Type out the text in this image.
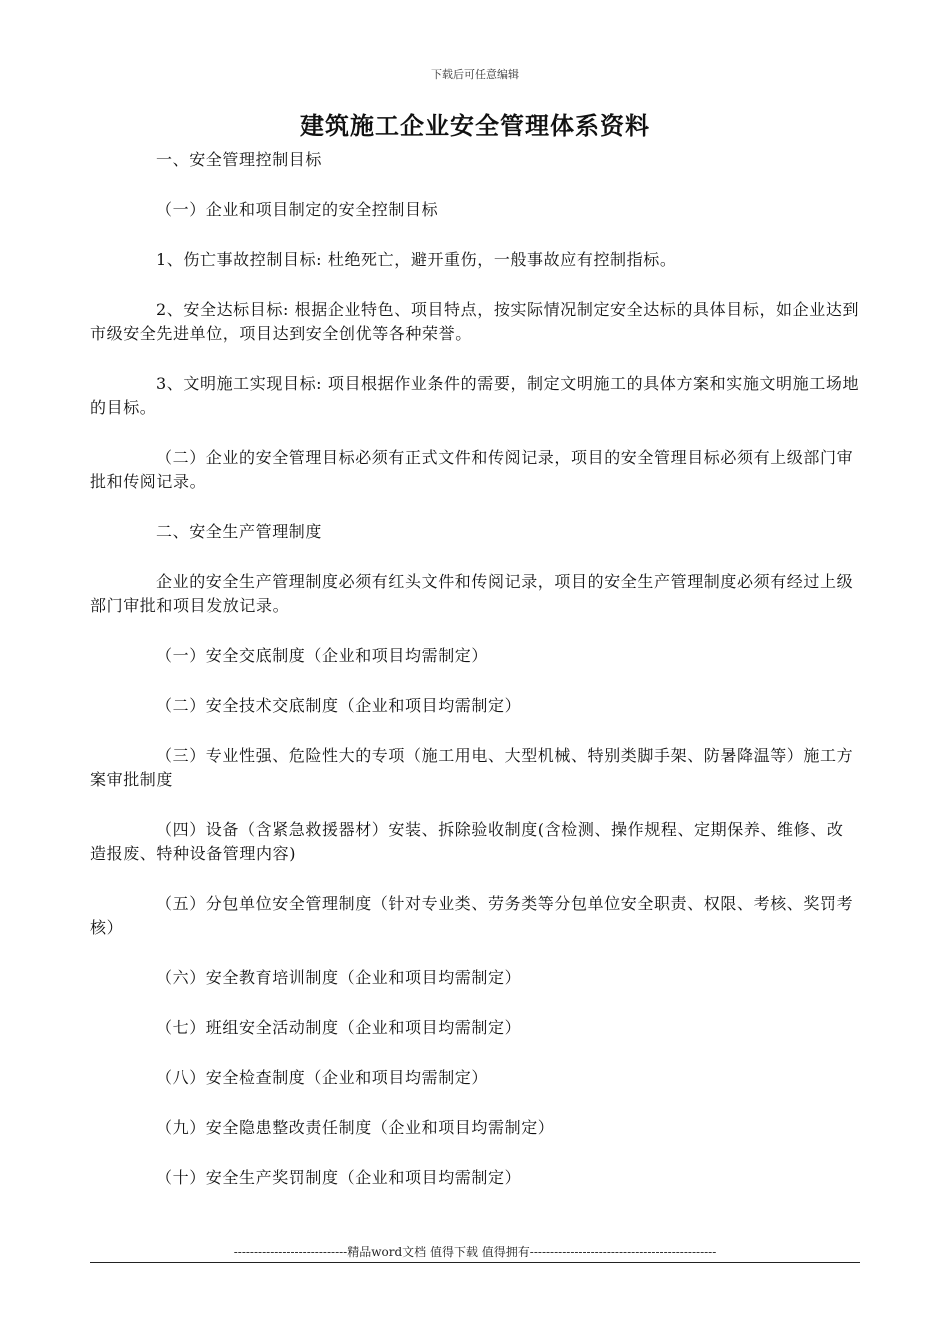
下载后可任意编辑
建筑施工企业安全管理体系资料

一、安全管理控制目标

（一）企业和项目制定的安全控制目标

1、伤亡事故控制目标: 杜绝死亡，避开重伤，一般事故应有控制指标。

2、安全达标目标: 根据企业特色、项目特点，按实际情况制定安全达标的具体目标，如企业达到市级安全先进单位，项目达到安全创优等各种荣誉。

3、文明施工实现目标: 项目根据作业条件的需要，制定文明施工的具体方案和实施文明施工场地的目标。

（二）企业的安全管理目标必须有正式文件和传阅记录，项目的安全管理目标必须有上级部门审批和传阅记录。

二、安全生产管理制度

企业的安全生产管理制度必须有红头文件和传阅记录，项目的安全生产管理制度必须有经过上级部门审批和项目发放记录。

（一）安全交底制度（企业和项目均需制定）

（二）安全技术交底制度（企业和项目均需制定）

（三）专业性强、危险性大的专项（施工用电、大型机械、特别类脚手架、防暑降温等）施工方案审批制度

（四）设备（含紧急救援器材）安装、拆除验收制度(含检测、操作规程、定期保养、维修、改造报废、特种设备管理内容)

（五）分包单位安全管理制度（针对专业类、劳务类等分包单位安全职责、权限、考核、奖罚考核）

（六）安全教育培训制度（企业和项目均需制定）

（七）班组安全活动制度（企业和项目均需制定）

（八）安全检查制度（企业和项目均需制定）

（九）安全隐患整改责任制度（企业和项目均需制定）

（十）安全生产奖罚制度（企业和项目均需制定）

----------------------------精品word文档 值得下载 值得拥有----------------------------------------------
